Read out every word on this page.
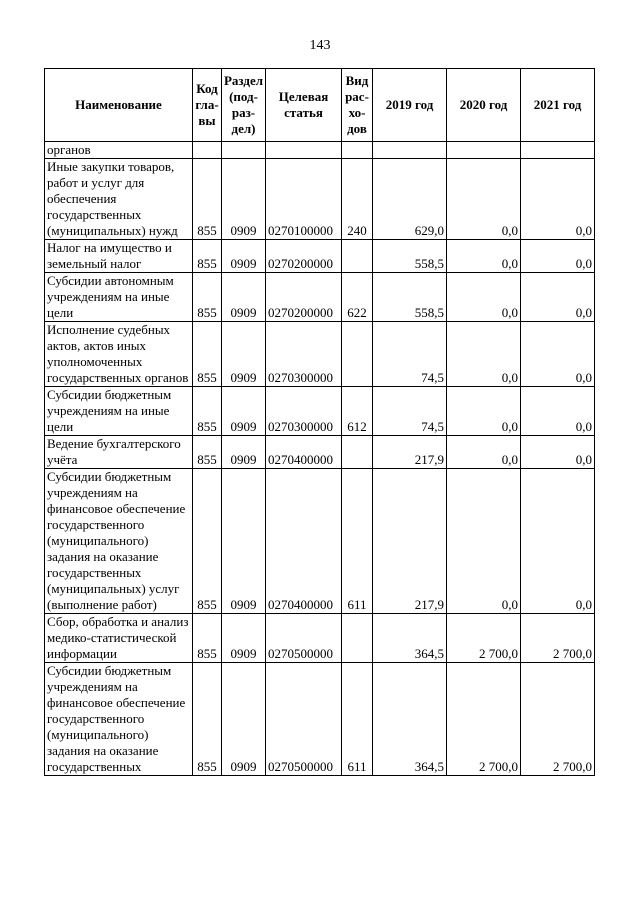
143
Наименование	Код гла- вы	Раздел (под- раз- дел)	Целевая статья	Вид рас- хо- дов	2019 год	2020 год	2021 год
органов							
Иные закупки товаров, работ и услуг для обеспечения государственных (муниципальных) нужд	855	0909	0270100000	240	629,0	0,0	0,0
Налог на имущество и земельный налог	855	0909	0270200000		558,5	0,0	0,0
Субсидии автономным учреждениям на иные цели	855	0909	0270200000	622	558,5	0,0	0,0
Исполнение судебных актов, актов иных уполномоченных государственных органов	855	0909	0270300000		74,5	0,0	0,0
Субсидии бюджетным учреждениям на иные цели	855	0909	0270300000	612	74,5	0,0	0,0
Ведение бухгалтерского учёта	855	0909	0270400000		217,9	0,0	0,0
Субсидии бюджетным учреждениям на финансовое обеспечение государственного (муниципального) задания на оказание государственных (муниципальных) услуг (выполнение работ)	855	0909	0270400000	611	217,9	0,0	0,0
Сбор, обработка и анализ медико-статистической информации	855	0909	0270500000		364,5	2 700,0	2 700,0
Субсидии бюджетным учреждениям на финансовое обеспечение государственного (муниципального) задания на оказание государственных	855	0909	0270500000	611	364,5	2 700,0	2 700,0
